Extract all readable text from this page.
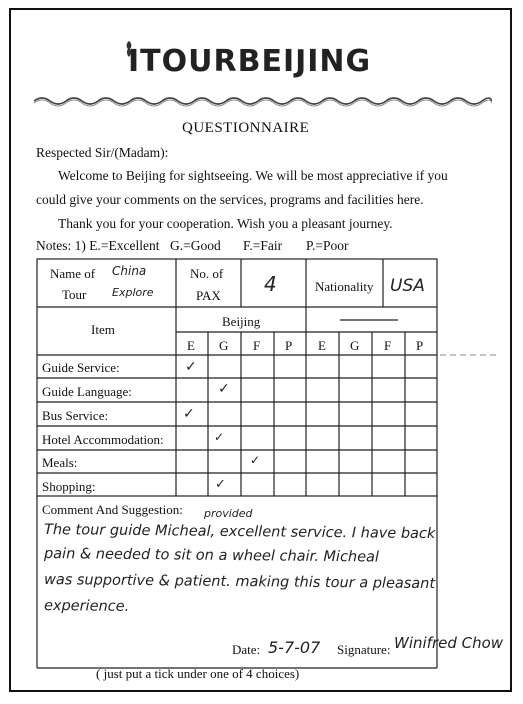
ITOURBEIJING
QUESTIONNAIRE
Respected Sir/(Madam):
Welcome to Beijing for sightseeing. We will be most appreciative if you
could give your comments on the services, programs and facilities here.
Thank you for your cooperation. Wish you a pleasant journey.
Notes: 1) E.=Excellent G.=Good F.=Fair P.=Poor
Name of
Tour
China
Explore
No. of
PAX 4	Nationality USA
Item
Beijing
E G F P E G F P
Guide Service:
Guide Language:
Bus Service:
Hotel Accommodation:
Meals:
Shopping:
✓
✓
✓
✓
✓
✓
Comment And Suggestion: provided
The tour guide Micheal, excellent service. I have back
pain & needed to sit on a wheel chair. Micheal
was supportive & patient. making this tour a pleasant
experience.
Date: 5-7-07 Signature: Winifred Chow
( just put a tick under one of 4 choices)
